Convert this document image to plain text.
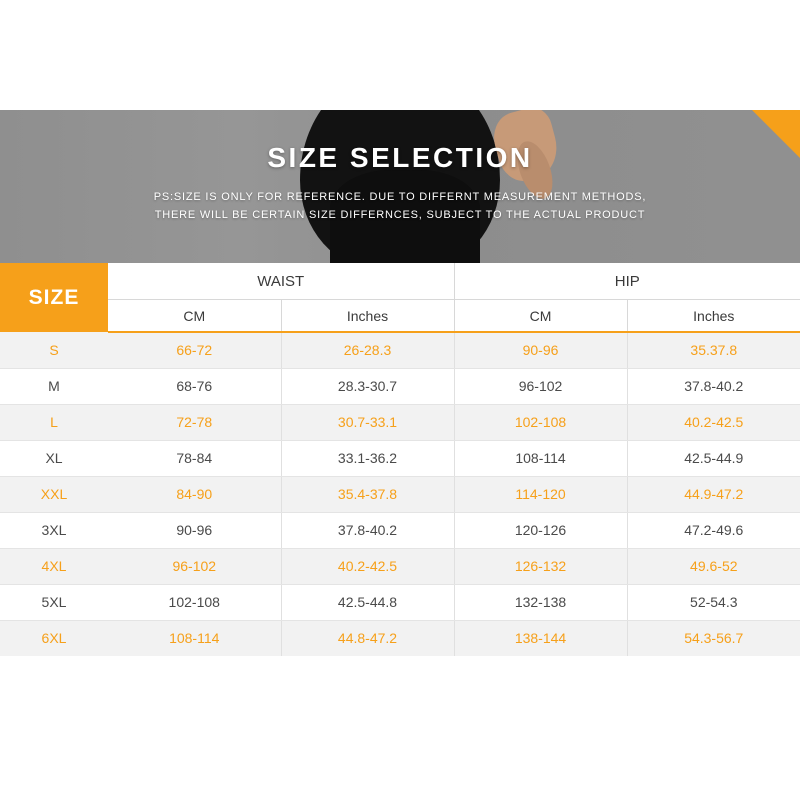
SIZE SELECTION
PS:SIZE IS ONLY FOR REFERENCE. DUE TO DIFFERNT MEASUREMENT METHODS,
THERE WILL BE CERTAIN SIZE DIFFERNCES, SUBJECT TO THE ACTUAL PRODUCT
SIZE	WAIST		HIP	
	CM	Inches	CM	Inches
S	66-72	26-28.3	90-96	35.37.8
M	68-76	28.3-30.7	96-102	37.8-40.2
L	72-78	30.7-33.1	102-108	40.2-42.5
XL	78-84	33.1-36.2	108-114	42.5-44.9
XXL	84-90	35.4-37.8	114-120	44.9-47.2
3XL	90-96	37.8-40.2	120-126	47.2-49.6
4XL	96-102	40.2-42.5	126-132	49.6-52
5XL	102-108	42.5-44.8	132-138	52-54.3
6XL	108-114	44.8-47.2	138-144	54.3-56.7
